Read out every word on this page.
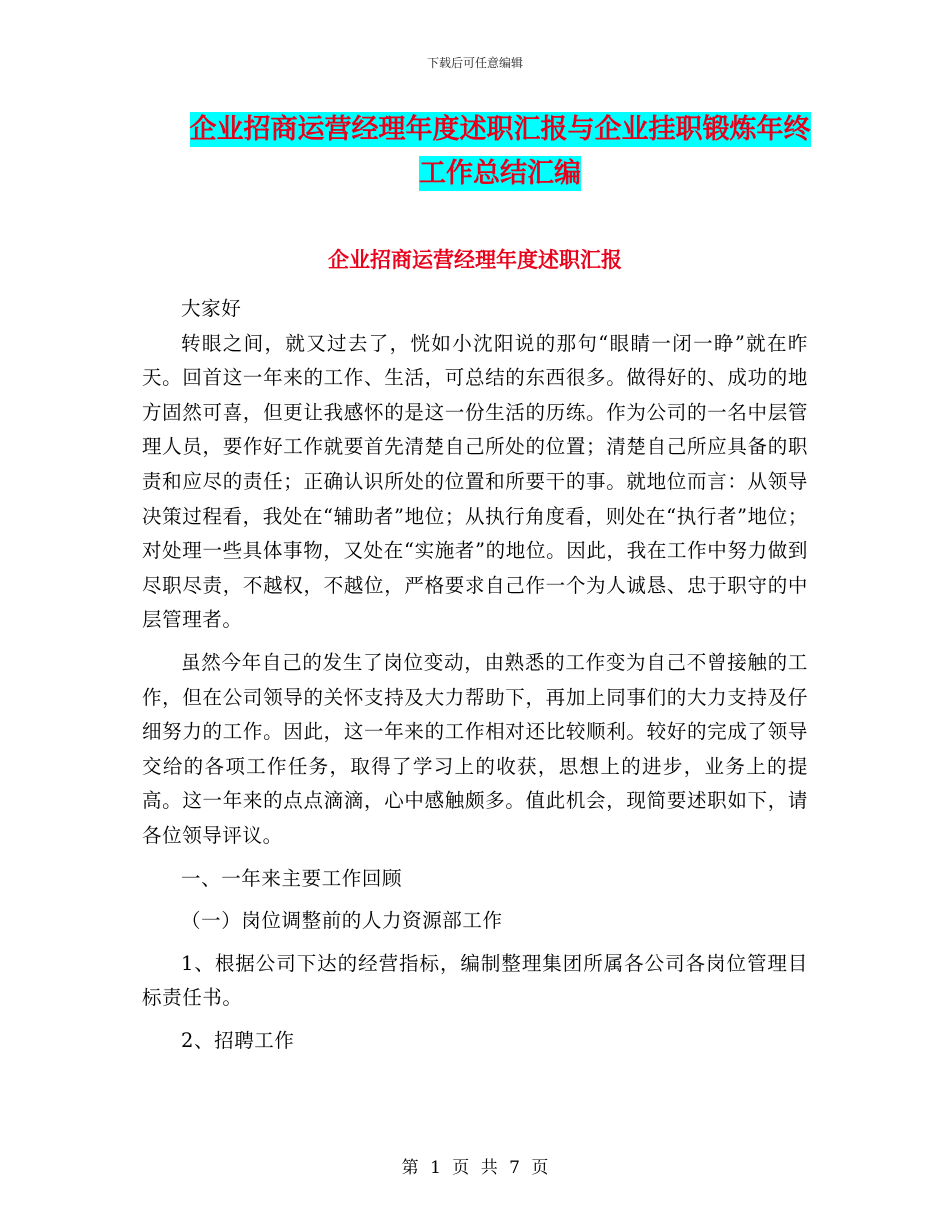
下载后可任意编辑
企业招商运营经理年度述职汇报与企业挂职锻炼年终
工作总结汇编
企业招商运营经理年度述职汇报

大家好

转眼之间，就又过去了，恍如小沈阳说的那句“眼睛一闭一睁”就在昨天。回首这一年来的工作、生活，可总结的东西很多。做得好的、成功的地方固然可喜，但更让我感怀的是这一份生活的历练。作为公司的一名中层管理人员，要作好工作就要首先清楚自己所处的位置；清楚自己所应具备的职责和应尽的责任；正确认识所处的位置和所要干的事。就地位而言：从领导决策过程看，我处在“辅助者”地位；从执行角度看，则处在“执行者”地位；对处理一些具体事物，又处在“实施者”的地位。因此，我在工作中努力做到尽职尽责，不越权，不越位，严格要求自己作一个为人诚恳、忠于职守的中层管理者。

虽然今年自己的发生了岗位变动，由熟悉的工作变为自己不曾接触的工作，但在公司领导的关怀支持及大力帮助下，再加上同事们的大力支持及仔细努力的工作。因此，这一年来的工作相对还比较顺利。较好的完成了领导交给的各项工作任务，取得了学习上的收获，思想上的进步，业务上的提高。这一年来的点点滴滴，心中感触颇多。值此机会，现简要述职如下，请各位领导评议。

一、一年来主要工作回顾

（一）岗位调整前的人力资源部工作

1、根据公司下达的经营指标，编制整理集团所属各公司各岗位管理目标责任书。

2、招聘工作

第 1 页 共 7 页
